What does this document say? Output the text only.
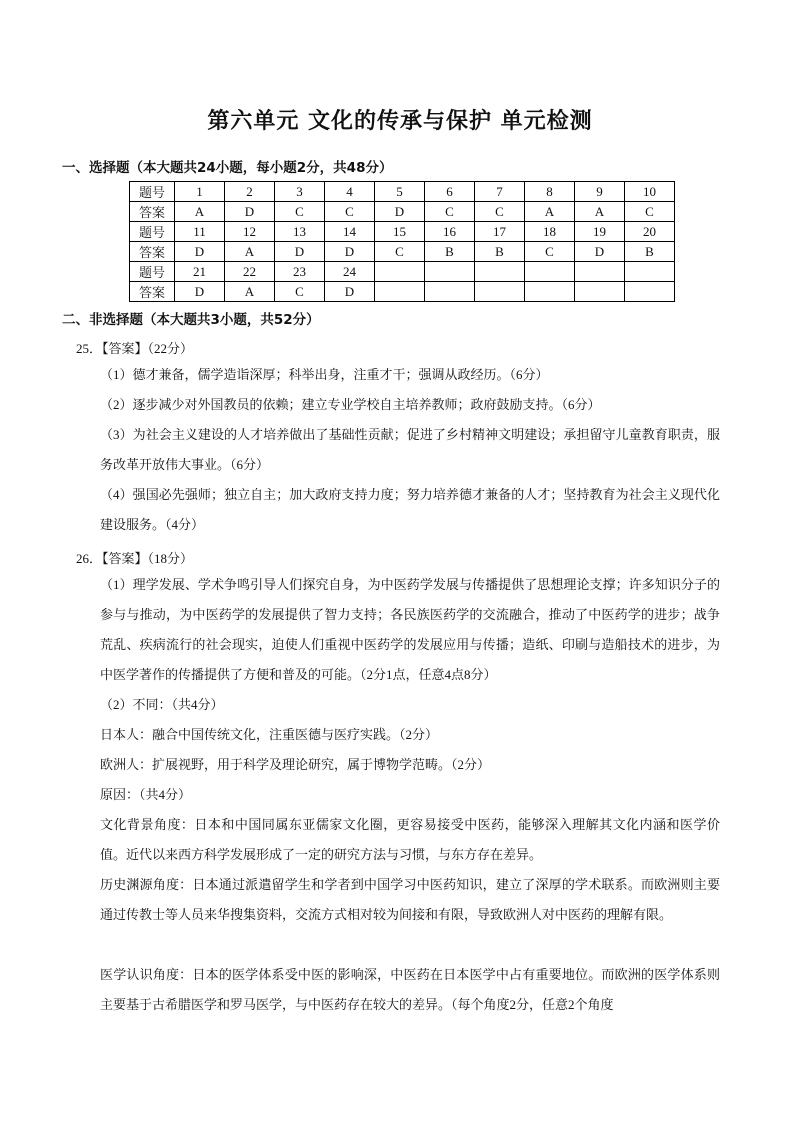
第六单元 文化的传承与保护 单元检测
一、选择题（本大题共24小题，每小题2分，共48分）
题号	1	2	3	4	5	6	7	8	9	10
答案	A	D	C	C	D	C	C	A	A	C
题号	11	12	13	14	15	16	17	18	19	20
答案	D	A	D	D	C	B	B	C	D	B
题号	21	22	23	24						
答案	D	A	C	D						
二、非选择题（本大题共3小题，共52分）
25．【答案】（22分）
（1）德才兼备，儒学造诣深厚；科举出身，注重才干；强调从政经历。（6分）
（2）逐步减少对外国教员的依赖；建立专业学校自主培养教师；政府鼓励支持。（6分）
（3）为社会主义建设的人才培养做出了基础性贡献；促进了乡村精神文明建设；承担留守儿童教育职责，服务改革开放伟大事业。（6分）
（4）强国必先强师；独立自主；加大政府支持力度；努力培养德才兼备的人才；坚持教育为社会主义现代化建设服务。（4分）
26．【答案】（18分）
（1）理学发展、学术争鸣引导人们探究自身，为中医药学发展与传播提供了思想理论支撑；许多知识分子的参与与推动，为中医药学的发展提供了智力支持；各民族医药学的交流融合，推动了中医药学的进步；战争荒乱、疾病流行的社会现实，迫使人们重视中医药学的发展应用与传播；造纸、印刷与造船技术的进步，为中医学著作的传播提供了方便和普及的可能。（2分1点，任意4点8分）
（2）不同：（共4分）
日本人：融合中国传统文化，注重医德与医疗实践。（2分）
欧洲人：扩展视野，用于科学及理论研究，属于博物学范畴。（2分）
原因：（共4分）
文化背景角度：日本和中国同属东亚儒家文化圈，更容易接受中医药，能够深入理解其文化内涵和医学价值。近代以来西方科学发展形成了一定的研究方法与习惯，与东方存在差异。
历史渊源角度：日本通过派遣留学生和学者到中国学习中医药知识，建立了深厚的学术联系。而欧洲则主要通过传教士等人员来华搜集资料，交流方式相对较为间接和有限，导致欧洲人对中医药的理解有限。
医学认识角度：日本的医学体系受中医的影响深，中医药在日本医学中占有重要地位。而欧洲的医学体系则主要基于古希腊医学和罗马医学，与中医药存在较大的差异。（每个角度2分，任意2个角度
